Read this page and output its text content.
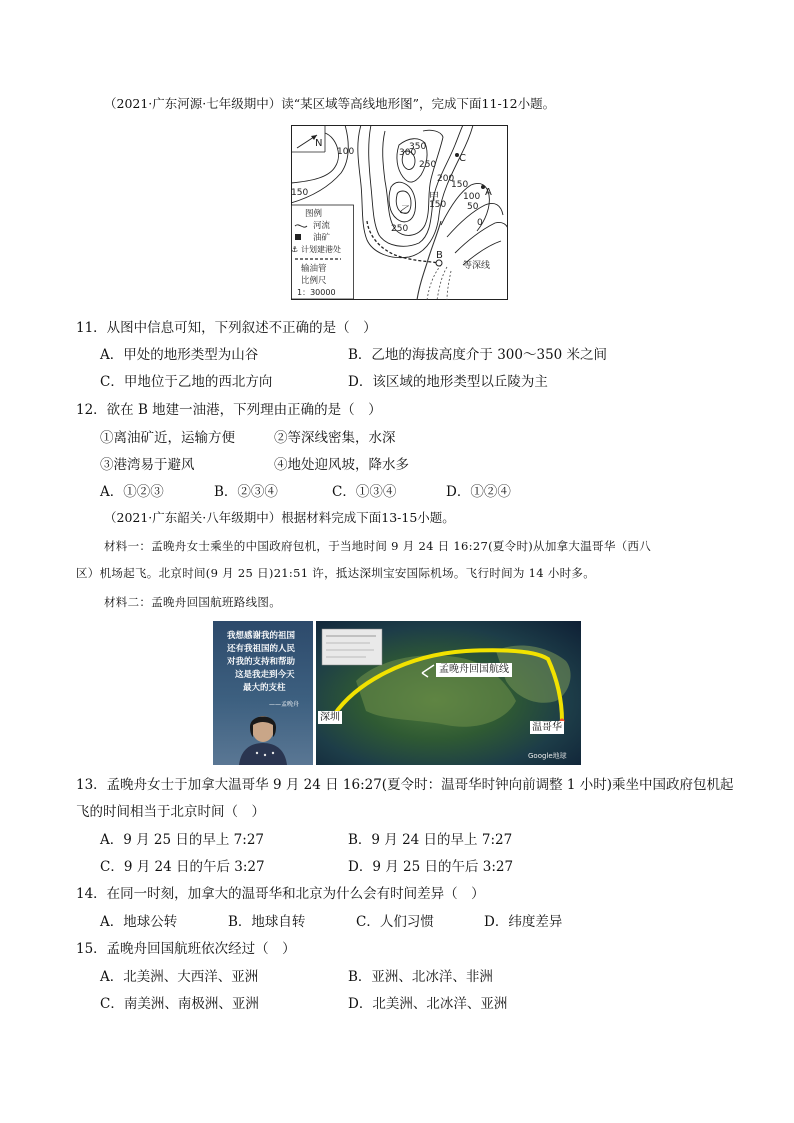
（2021·广东河源·七年级期中）读“某区域等高线地形图”，完成下面11-12小题。
N
100
150
300
350
250
200
150
100
50
0
250
150
C
A
B
甲
乙
等深线
图例
河流
油矿
⚓ 计划建港处
输油管
比例尺
1：30000
11．从图中信息可知，下列叙述不正确的是（　）
A．甲处的地形类型为山谷	B．乙地的海拔高度介于 300～350 米之间
C．甲地位于乙地的西北方向	D．该区域的地形类型以丘陵为主
12．欲在 B 地建一油港，下列理由正确的是（　）
①离油矿近，运输方便	②等深线密集，水深
③港湾易于避风	④地处迎风坡，降水多
A．①②③	B．②③④	C．①③④	D．①②④
（2021·广东韶关·八年级期中）根据材料完成下面13-15小题。
材料一：孟晚舟女士乘坐的中国政府包机，于当地时间 9 月 24 日 16:27(夏令时)从加拿大温哥华（西八
区）机场起飞。北京时间(9 月 25 日)21:51 许，抵达深圳宝安国际机场。飞行时间为 14 小时多。
材料二：孟晚舟回国航班路线图。
我想感谢我的祖国
还有我祖国的人民
对我的支持和帮助
这是我走到今天
最大的支柱
——孟晚舟
孟晚舟回国航线
深圳
温哥华
Google地球
13．孟晚舟女士于加拿大温哥华 9 月 24 日 16:27(夏令时：温哥华时钟向前调整 1 小时)乘坐中国政府包机起
飞的时间相当于北京时间（　）
A．9 月 25 日的早上 7:27	B．9 月 24 日的早上 7:27
C．9 月 24 日的午后 3:27	D．9 月 25 日的午后 3:27
14．在同一时刻，加拿大的温哥华和北京为什么会有时间差异（　）
A．地球公转	B．地球自转	C．人们习惯	D．纬度差异
15．孟晚舟回国航班依次经过（　）
A．北美洲、大西洋、亚洲	B．亚洲、北冰洋、非洲
C．南美洲、南极洲、亚洲	D．北美洲、北冰洋、亚洲
